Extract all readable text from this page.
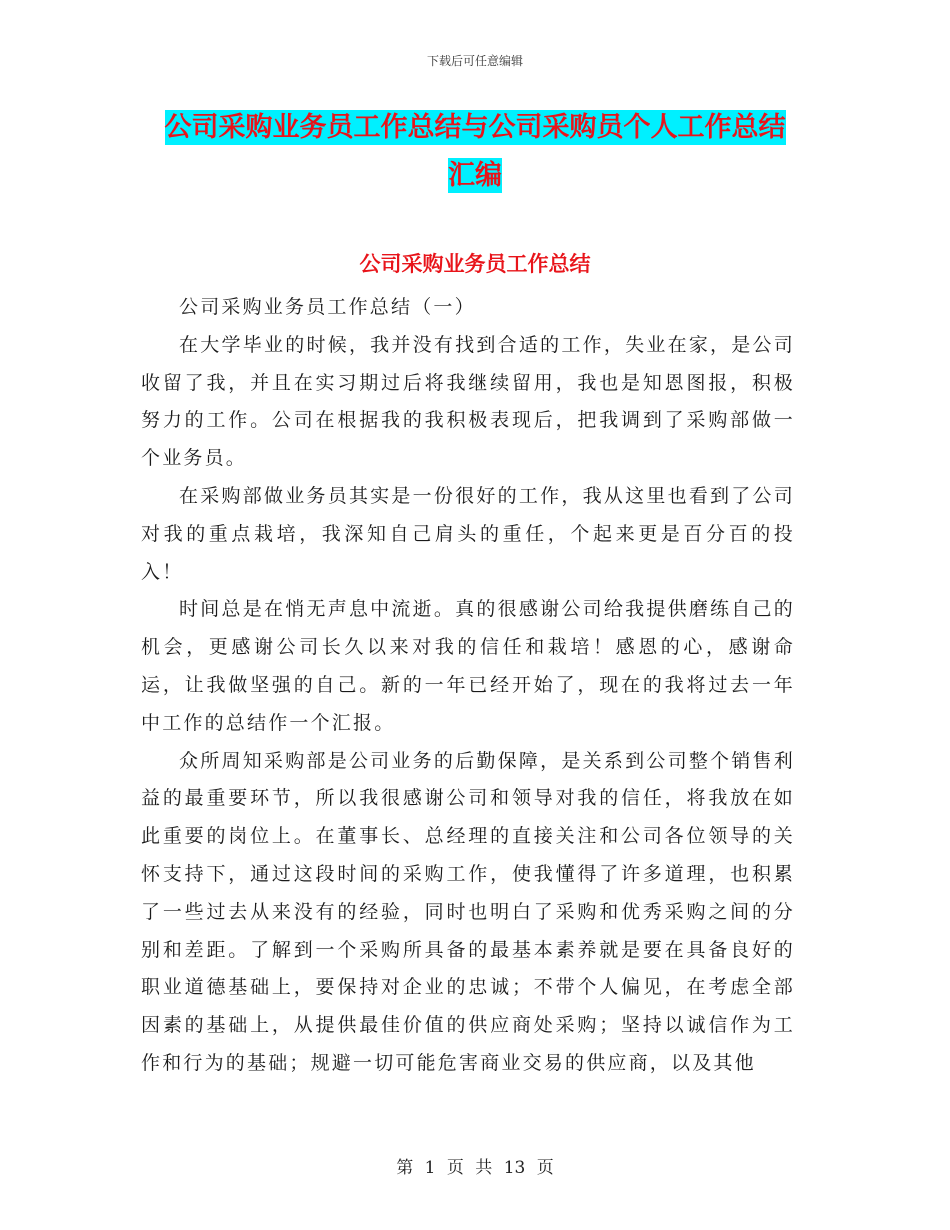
下载后可任意编辑
公司采购业务员工作总结与公司采购员个人工作总结
汇编
公司采购业务员工作总结

公司采购业务员工作总结（一）

在大学毕业的时候，我并没有找到合适的工作，失业在家，是公司收留了我，并且在实习期过后将我继续留用，我也是知恩图报，积极努力的工作。公司在根据我的我积极表现后，把我调到了采购部做一个业务员。

在采购部做业务员其实是一份很好的工作，我从这里也看到了公司对我的重点栽培，我深知自己肩头的重任，个起来更是百分百的投入！

时间总是在悄无声息中流逝。真的很感谢公司给我提供磨练自己的机会，更感谢公司长久以来对我的信任和栽培！感恩的心，感谢命运，让我做坚强的自己。新的一年已经开始了，现在的我将过去一年中工作的总结作一个汇报。

众所周知采购部是公司业务的后勤保障，是关系到公司整个销售利益的最重要环节，所以我很感谢公司和领导对我的信任，将我放在如此重要的岗位上。在董事长、总经理的直接关注和公司各位领导的关怀支持下，通过这段时间的采购工作，使我懂得了许多道理，也积累了一些过去从来没有的经验，同时也明白了采购和优秀采购之间的分别和差距。了解到一个采购所具备的最基本素养就是要在具备良好的职业道德基础上，要保持对企业的忠诚；不带个人偏见，在考虑全部因素的基础上，从提供最佳价值的供应商处采购；坚持以诚信作为工作和行为的基础；规避一切可能危害商业交易的供应商，以及其他

第 1 页 共 13 页
